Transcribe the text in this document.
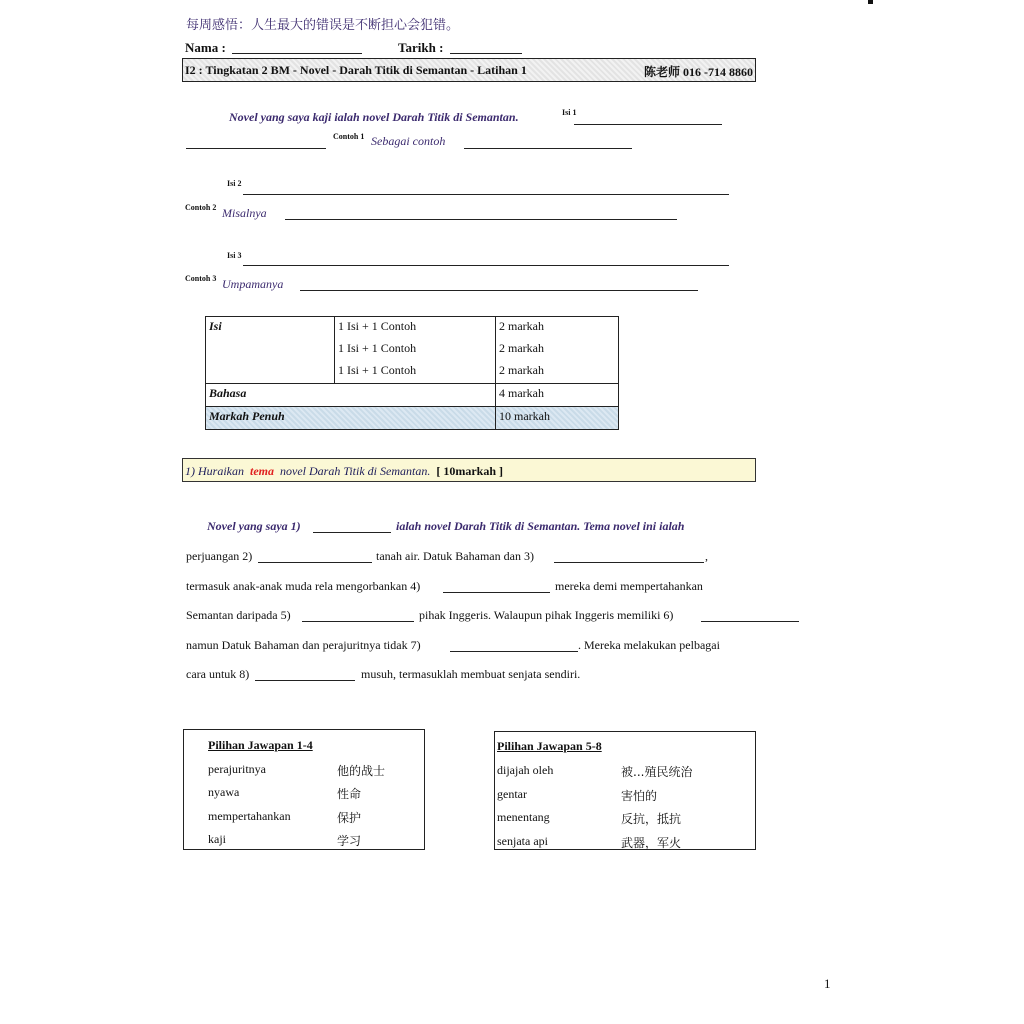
每周感悟：人生最大的错误是不断担心会犯错。
Nama :	Tarikh :
I2 : Tingkatan 2 BM - Novel - Darah Titik di Semantan - Latihan 1	陈老师 016 -714 8860
Novel yang saya kaji ialah novel Darah Titik di Semantan.	Isi 1
Contoh 1 Sebagai contoh
Isi 2
Contoh 2 Misalnya
Isi 3
Contoh 3 Umpamanya
Isi	1 Isi + 1 Contoh	2 markah
	1 Isi + 1 Contoh	2 markah
	1 Isi + 1 Contoh	2 markah
Bahasa		4 markah
Markah Penuh		10 markah
1) Huraikan tema novel Darah Titik di Semantan. [ 10markah ]
Novel yang saya 1)	ialah novel Darah Titik di Semantan. Tema novel ini ialah
perjuangan 2)	tanah air. Datuk Bahaman dan 3)	,
termasuk anak-anak muda rela mengorbankan 4)	mereka demi mempertahankan
Semantan daripada 5)	pihak Inggeris. Walaupun pihak Inggeris memiliki 6)
namun Datuk Bahaman dan perajuritnya tidak 7)	. Mereka melakukan pelbagai
cara untuk 8)	musuh, termasuklah membuat senjata sendiri.
Pilihan Jawapan 1-4
perajuritnya	他的战士
nyawa	性命
mempertahankan	保护
kaji	学习
Pilihan Jawapan 5-8
dijajah oleh	被...殖民统治
gentar	害怕的
menentang	反抗，抵抗
senjata api	武器，军火
1
